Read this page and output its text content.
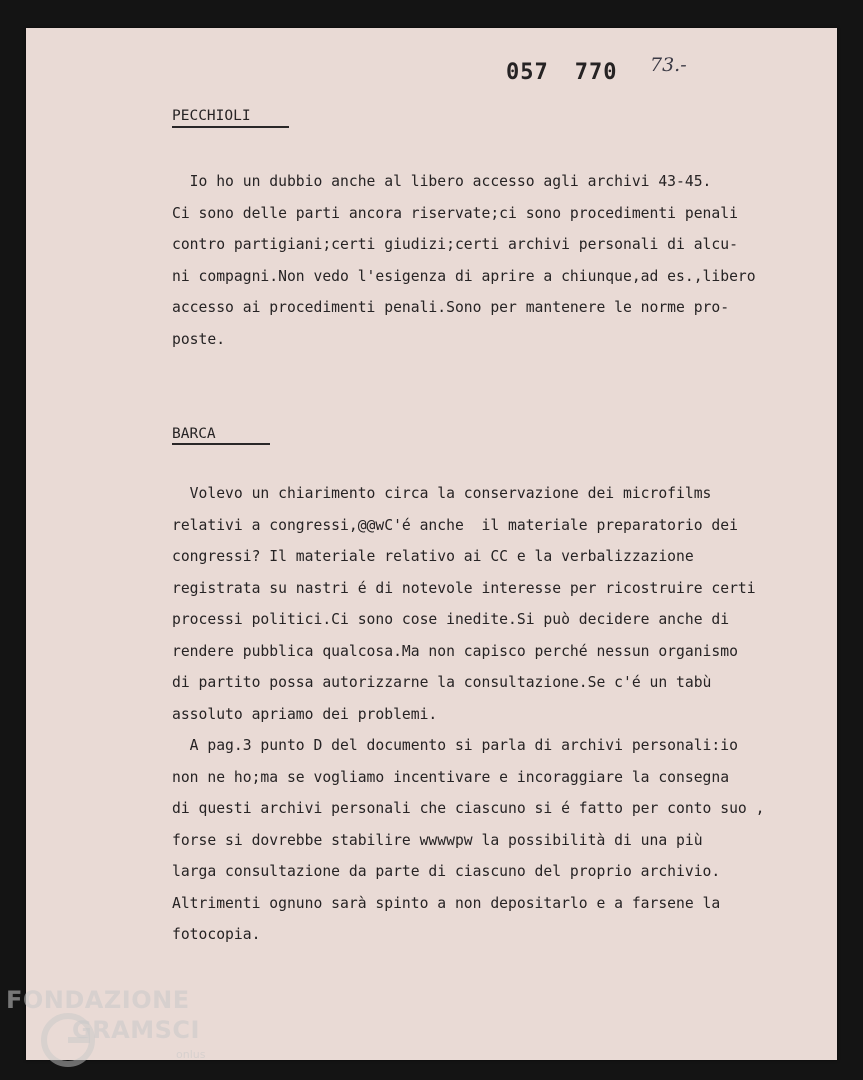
057 770 73.-
PECCHIOLI
Io ho un dubbio anche al libero accesso agli archivi 43-45.
Ci sono delle parti ancora riservate;ci sono procedimenti penali
contro partigiani;certi giudizi;certi archivi personali di alcu-
ni compagni.Non vedo l'esigenza di aprire a chiunque,ad es.,libero
accesso ai procedimenti penali.Sono per mantenere le norme pro-
poste.
BARCA
Volevo un chiarimento circa la conservazione dei microfilms
relativi a congressi,@@wC'é anche  il materiale preparatorio dei
congressi? Il materiale relativo ai CC e la verbalizzazione
registrata su nastri é di notevole interesse per ricostruire certi
processi politici.Ci sono cose inedite.Si può decidere anche di
rendere pubblica qualcosa.Ma non capisco perché nessun organismo
di partito possa autorizzarne la consultazione.Se c'é un tabù
assoluto apriamo dei problemi.
A pag.3 punto D del documento si parla di archivi personali:io
non ne ho;ma se vogliamo incentivare e incoraggiare la consegna
di questi archivi personali che ciascuno si é fatto per conto suo ,
forse si dovrebbe stabilire wwwwpw la possibilità di una più
larga consultazione da parte di ciascuno del proprio archivio.
Altrimenti ognuno sarà spinto a non depositarlo e a farsene la
fotocopia.
FONDAZIONE
GRAMSCI
onlus
